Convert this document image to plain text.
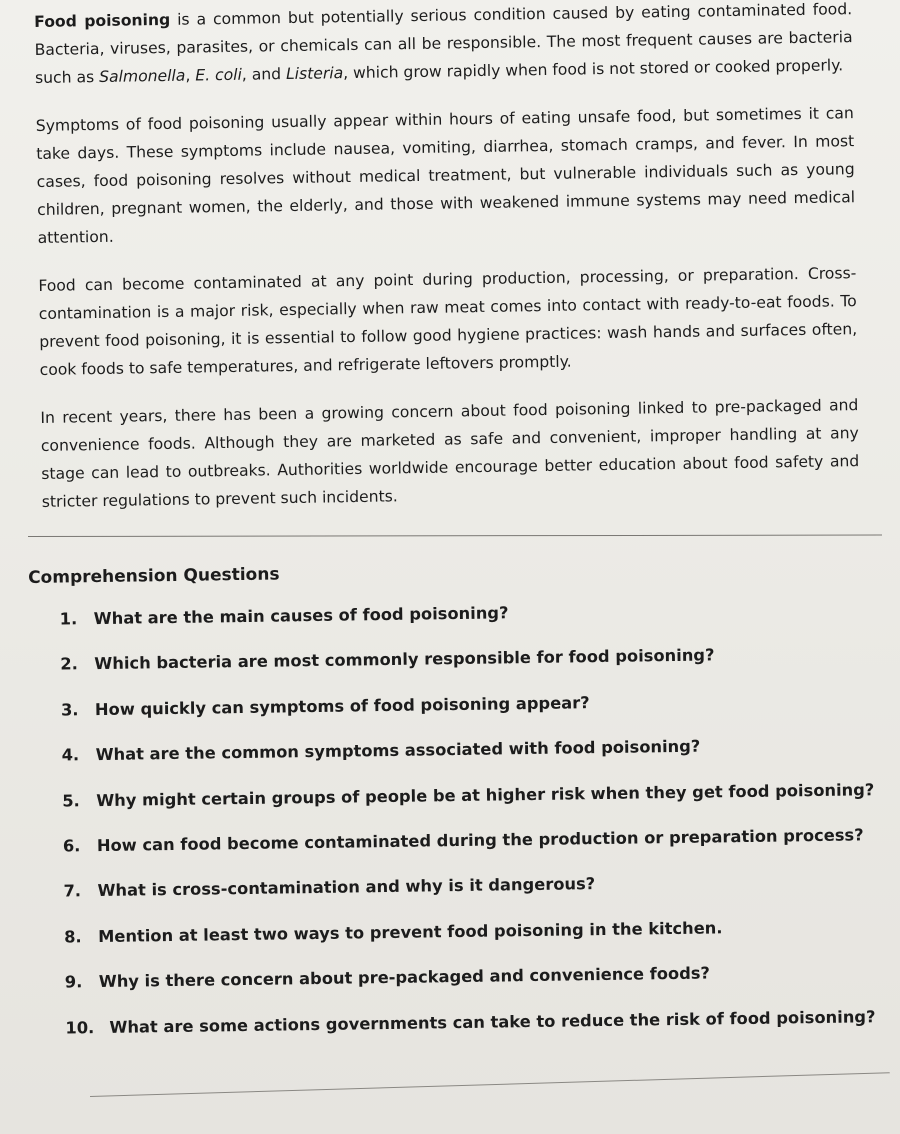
Food poisoning is a common but potentially serious condition caused by eating contaminated food. Bacteria, viruses, parasites, or chemicals can all be responsible. The most frequent causes are bacteria such as Salmonella, E. coli, and Listeria, which grow rapidly when food is not stored or cooked properly.

Symptoms of food poisoning usually appear within hours of eating unsafe food, but sometimes it can take days. These symptoms include nausea, vomiting, diarrhea, stomach cramps, and fever. In most cases, food poisoning resolves without medical treatment, but vulnerable individuals such as young children, pregnant women, the elderly, and those with weakened immune systems may need medical attention.

Food can become contaminated at any point during production, processing, or preparation. Cross-contamination is a major risk, especially when raw meat comes into contact with ready-to-eat foods. To prevent food poisoning, it is essential to follow good hygiene practices: wash hands and surfaces often, cook foods to safe temperatures, and refrigerate leftovers promptly.

In recent years, there has been a growing concern about food poisoning linked to pre-packaged and convenience foods. Although they are marketed as safe and convenient, improper handling at any stage can lead to outbreaks. Authorities worldwide encourage better education about food safety and stricter regulations to prevent such incidents.

Comprehension Questions
1. What are the main causes of food poisoning?
2. Which bacteria are most commonly responsible for food poisoning?
3. How quickly can symptoms of food poisoning appear?
4. What are the common symptoms associated with food poisoning?
5. Why might certain groups of people be at higher risk when they get food poisoning?
6. How can food become contaminated during the production or preparation process?
7. What is cross-contamination and why is it dangerous?
8. Mention at least two ways to prevent food poisoning in the kitchen.
9. Why is there concern about pre-packaged and convenience foods?
10. What are some actions governments can take to reduce the risk of food poisoning?
